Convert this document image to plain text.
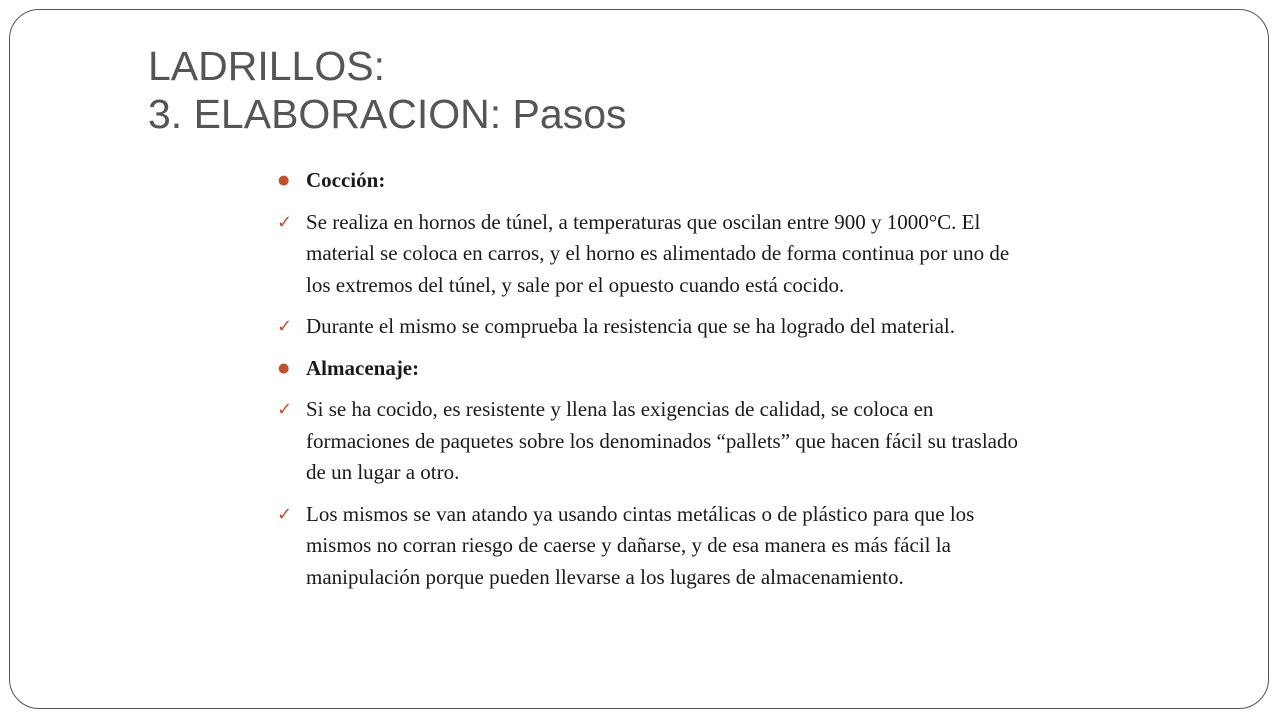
LADRILLOS:
3. ELABORACION: Pasos
● Cocción:
✓ Se realiza en hornos de túnel, a temperaturas que oscilan entre 900 y 1000°C. El material se coloca en carros, y el horno es alimentado de forma continua por uno de los extremos del túnel, y sale por el opuesto cuando está cocido.
✓ Durante el mismo se comprueba la resistencia que se ha logrado del material.
● Almacenaje:
✓ Si se ha cocido, es resistente y llena las exigencias de calidad, se coloca en formaciones de paquetes sobre los denominados “pallets” que hacen fácil su traslado de un lugar a otro.
✓ Los mismos se van atando ya usando cintas metálicas o de plástico para que los mismos no corran riesgo de caerse y dañarse, y de esa manera es más fácil la manipulación porque pueden llevarse a los lugares de almacenamiento.
